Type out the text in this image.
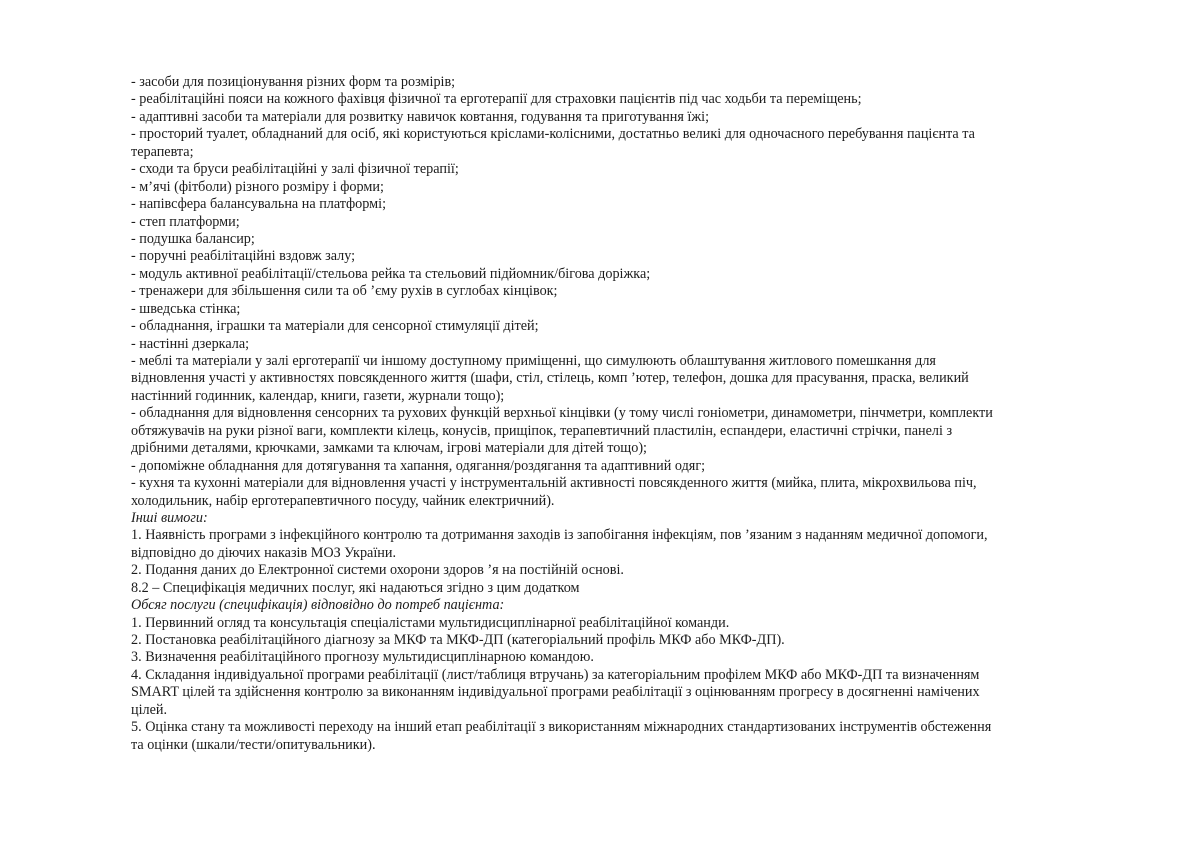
- засоби для позиціонування різних форм та розмірів;
- реабілітаційні пояси на кожного фахівця фізичної та ерготерапії для страховки пацієнтів під час ходьби та переміщень;
- адаптивні засоби та матеріали для розвитку навичок ковтання, годування та приготування їжі;
- просторий туалет, обладнаний для осіб, які користуються кріслами-колісними, достатньо великі для одночасного перебування пацієнта та
терапевта;
- сходи та бруси реабілітаційні у залі фізичної терапії;
- м’ячі (фітболи) різного розміру і форми;
- напівсфера балансувальна на платформі;
- степ платформи;
- подушка балансир;
- поручні реабілітаційні вздовж залу;
- модуль активної реабілітації/стельова рейка та стельовий підйомник/бігова доріжка;
- тренажери для збільшення сили та об ’єму рухів в суглобах кінцівок;
- шведська стінка;
- обладнання, іграшки та матеріали для сенсорної стимуляції дітей;
- настінні дзеркала;
- меблі та матеріали у залі ерготерапії чи іншому доступному приміщенні, що симулюють облаштування житлового помешкання для
відновлення участі у активностях повсякденного життя (шафи, стіл, стілець, комп ’ютер, телефон, дошка для прасування, праска, великий
настінний годинник, календар, книги, газети, журнали тощо);
- обладнання для відновлення сенсорних та рухових функцій верхньої кінцівки (у тому числі гоніометри, динамометри, пінчметри, комплекти
обтяжувачів на руки різної ваги, комплекти кілець, конусів, прищіпок, терапевтичний пластилін, еспандери, еластичні стрічки, панелі з
дрібними деталями, крючками, замками та ключам, ігрові матеріали для дітей тощо);
- допоміжне обладнання для дотягування та хапання, одягання/роздягання та адаптивний одяг;
- кухня та кухонні матеріали для відновлення участі у інструментальній активності повсякденного життя (мийка, плита, мікрохвильова піч,
холодильник, набір ерготерапевтичного посуду, чайник електричний).
Інші вимоги:
1. Наявність програми з інфекційного контролю та дотримання заходів із запобігання інфекціям, пов ’язаним з наданням медичної допомоги,
відповідно до діючих наказів МОЗ України.
2. Подання даних до Електронної системи охорони здоров ’я на постійній основі.
8.2 – Специфікація медичних послуг, які надаються згідно з цим додатком
Обсяг послуги (специфікація) відповідно до потреб пацієнта:
1. Первинний огляд та консультація спеціалістами мультидисциплінарної реабілітаційної команди.
2. Постановка реабілітаційного діагнозу за МКФ та МКФ-ДП (категоріальний профіль МКФ або МКФ-ДП).
3. Визначення реабілітаційного прогнозу мультидисциплінарною командою.
4. Складання індивідуальної програми реабілітації (лист/таблиця втручань) за категоріальним профілем МКФ або МКФ-ДП та визначенням
SMART цілей та здійснення контролю за виконанням індивідуальної програми реабілітації з оцінюванням прогресу в досягненні намічених
цілей.
5. Оцінка стану та можливості переходу на інший етап реабілітації з використанням міжнародних стандартизованих інструментів обстеження
та оцінки (шкали/тести/опитувальники).
